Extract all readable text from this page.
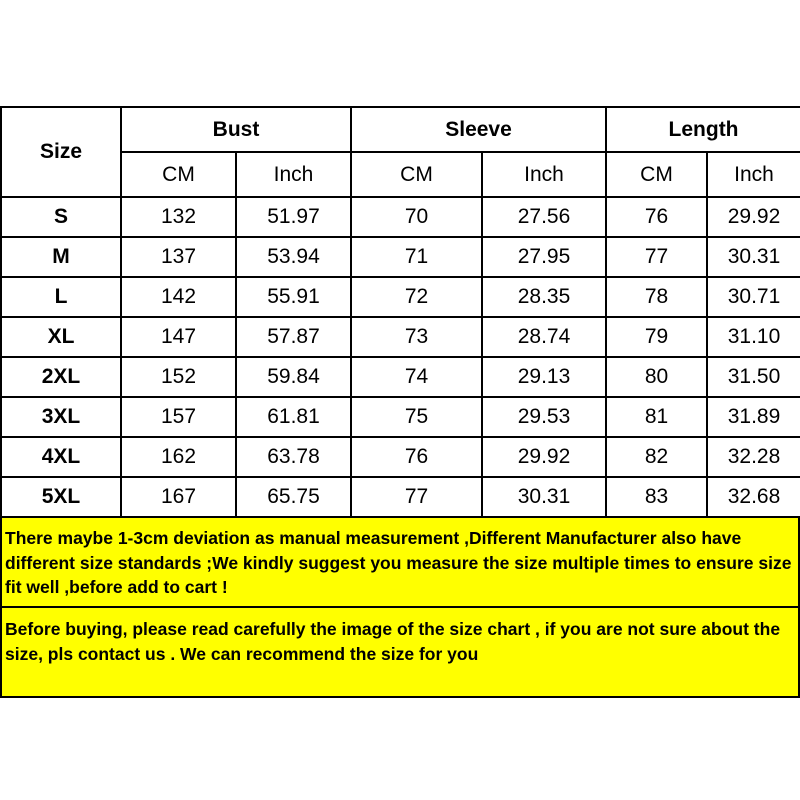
Size	Bust		Sleeve		Length	
	CM	Inch	CM	Inch	CM	Inch
S	132	51.97	70	27.56	76	29.92
M	137	53.94	71	27.95	77	30.31
L	142	55.91	72	28.35	78	30.71
XL	147	57.87	73	28.74	79	31.10
2XL	152	59.84	74	29.13	80	31.50
3XL	157	61.81	75	29.53	81	31.89
4XL	162	63.78	76	29.92	82	32.28
5XL	167	65.75	77	30.31	83	32.68
There maybe 1-3cm deviation as manual measurement ,Different Manufacturer also have different size standards ;We kindly suggest you measure the size multiple times to ensure size fit well ,before add to cart !
Before buying, please read carefully the image of the size chart , if you are not sure about the size, pls contact us . We can recommend the size for you
